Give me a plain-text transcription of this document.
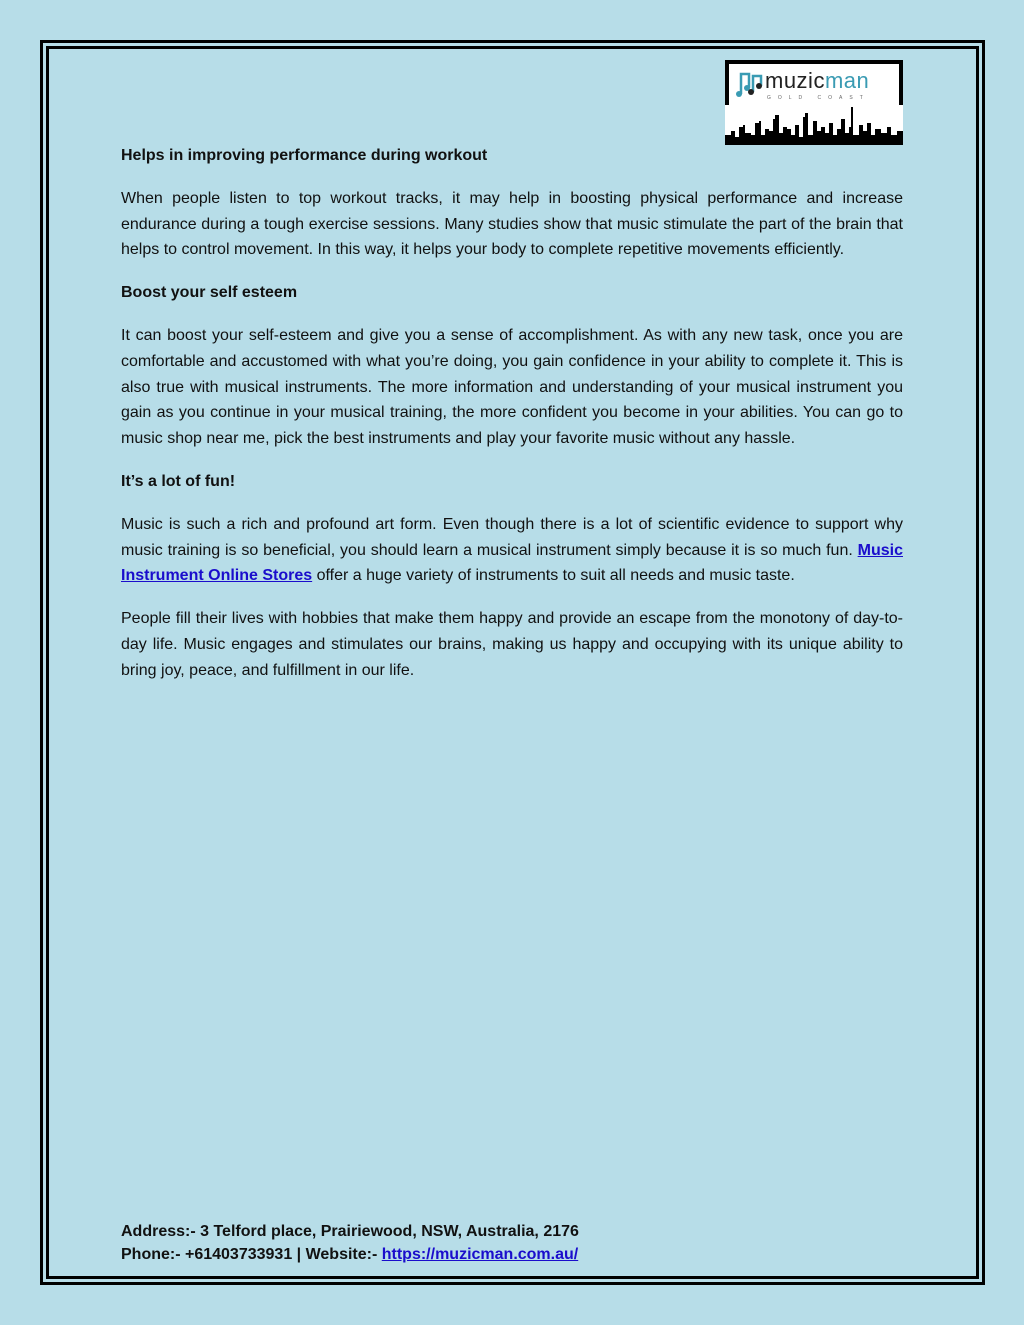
muzicman
GOLD COAST
Helps in improving performance during workout

When people listen to top workout tracks, it may help in boosting physical performance and increase endurance during a tough exercise sessions. Many studies show that music stimulate the part of the brain that helps to control movement. In this way, it helps your body to complete repetitive movements efficiently.

Boost your self esteem

It can boost your self-esteem and give you a sense of accomplishment. As with any new task, once you are comfortable and accustomed with what you’re doing, you gain confidence in your ability to complete it. This is also true with musical instruments. The more information and understanding of your musical instrument you gain as you continue in your musical training, the more confident you become in your abilities. You can go to music shop near me, pick the best instruments and play your favorite music without any hassle.

It’s a lot of fun!

Music is such a rich and profound art form. Even though there is a lot of scientific evidence to support why music training is so beneficial, you should learn a musical instrument simply because it is so much fun. Music Instrument Online Stores offer a huge variety of instruments to suit all needs and music taste.

People fill their lives with hobbies that make them happy and provide an escape from the monotony of day-to-day life. Music engages and stimulates our brains, making us happy and occupying with its unique ability to bring joy, peace, and fulfillment in our life.

Address:- 3 Telford place, Prairiewood, NSW, Australia, 2176
Phone:- +61403733931 | Website:- https://muzicman.com.au/
